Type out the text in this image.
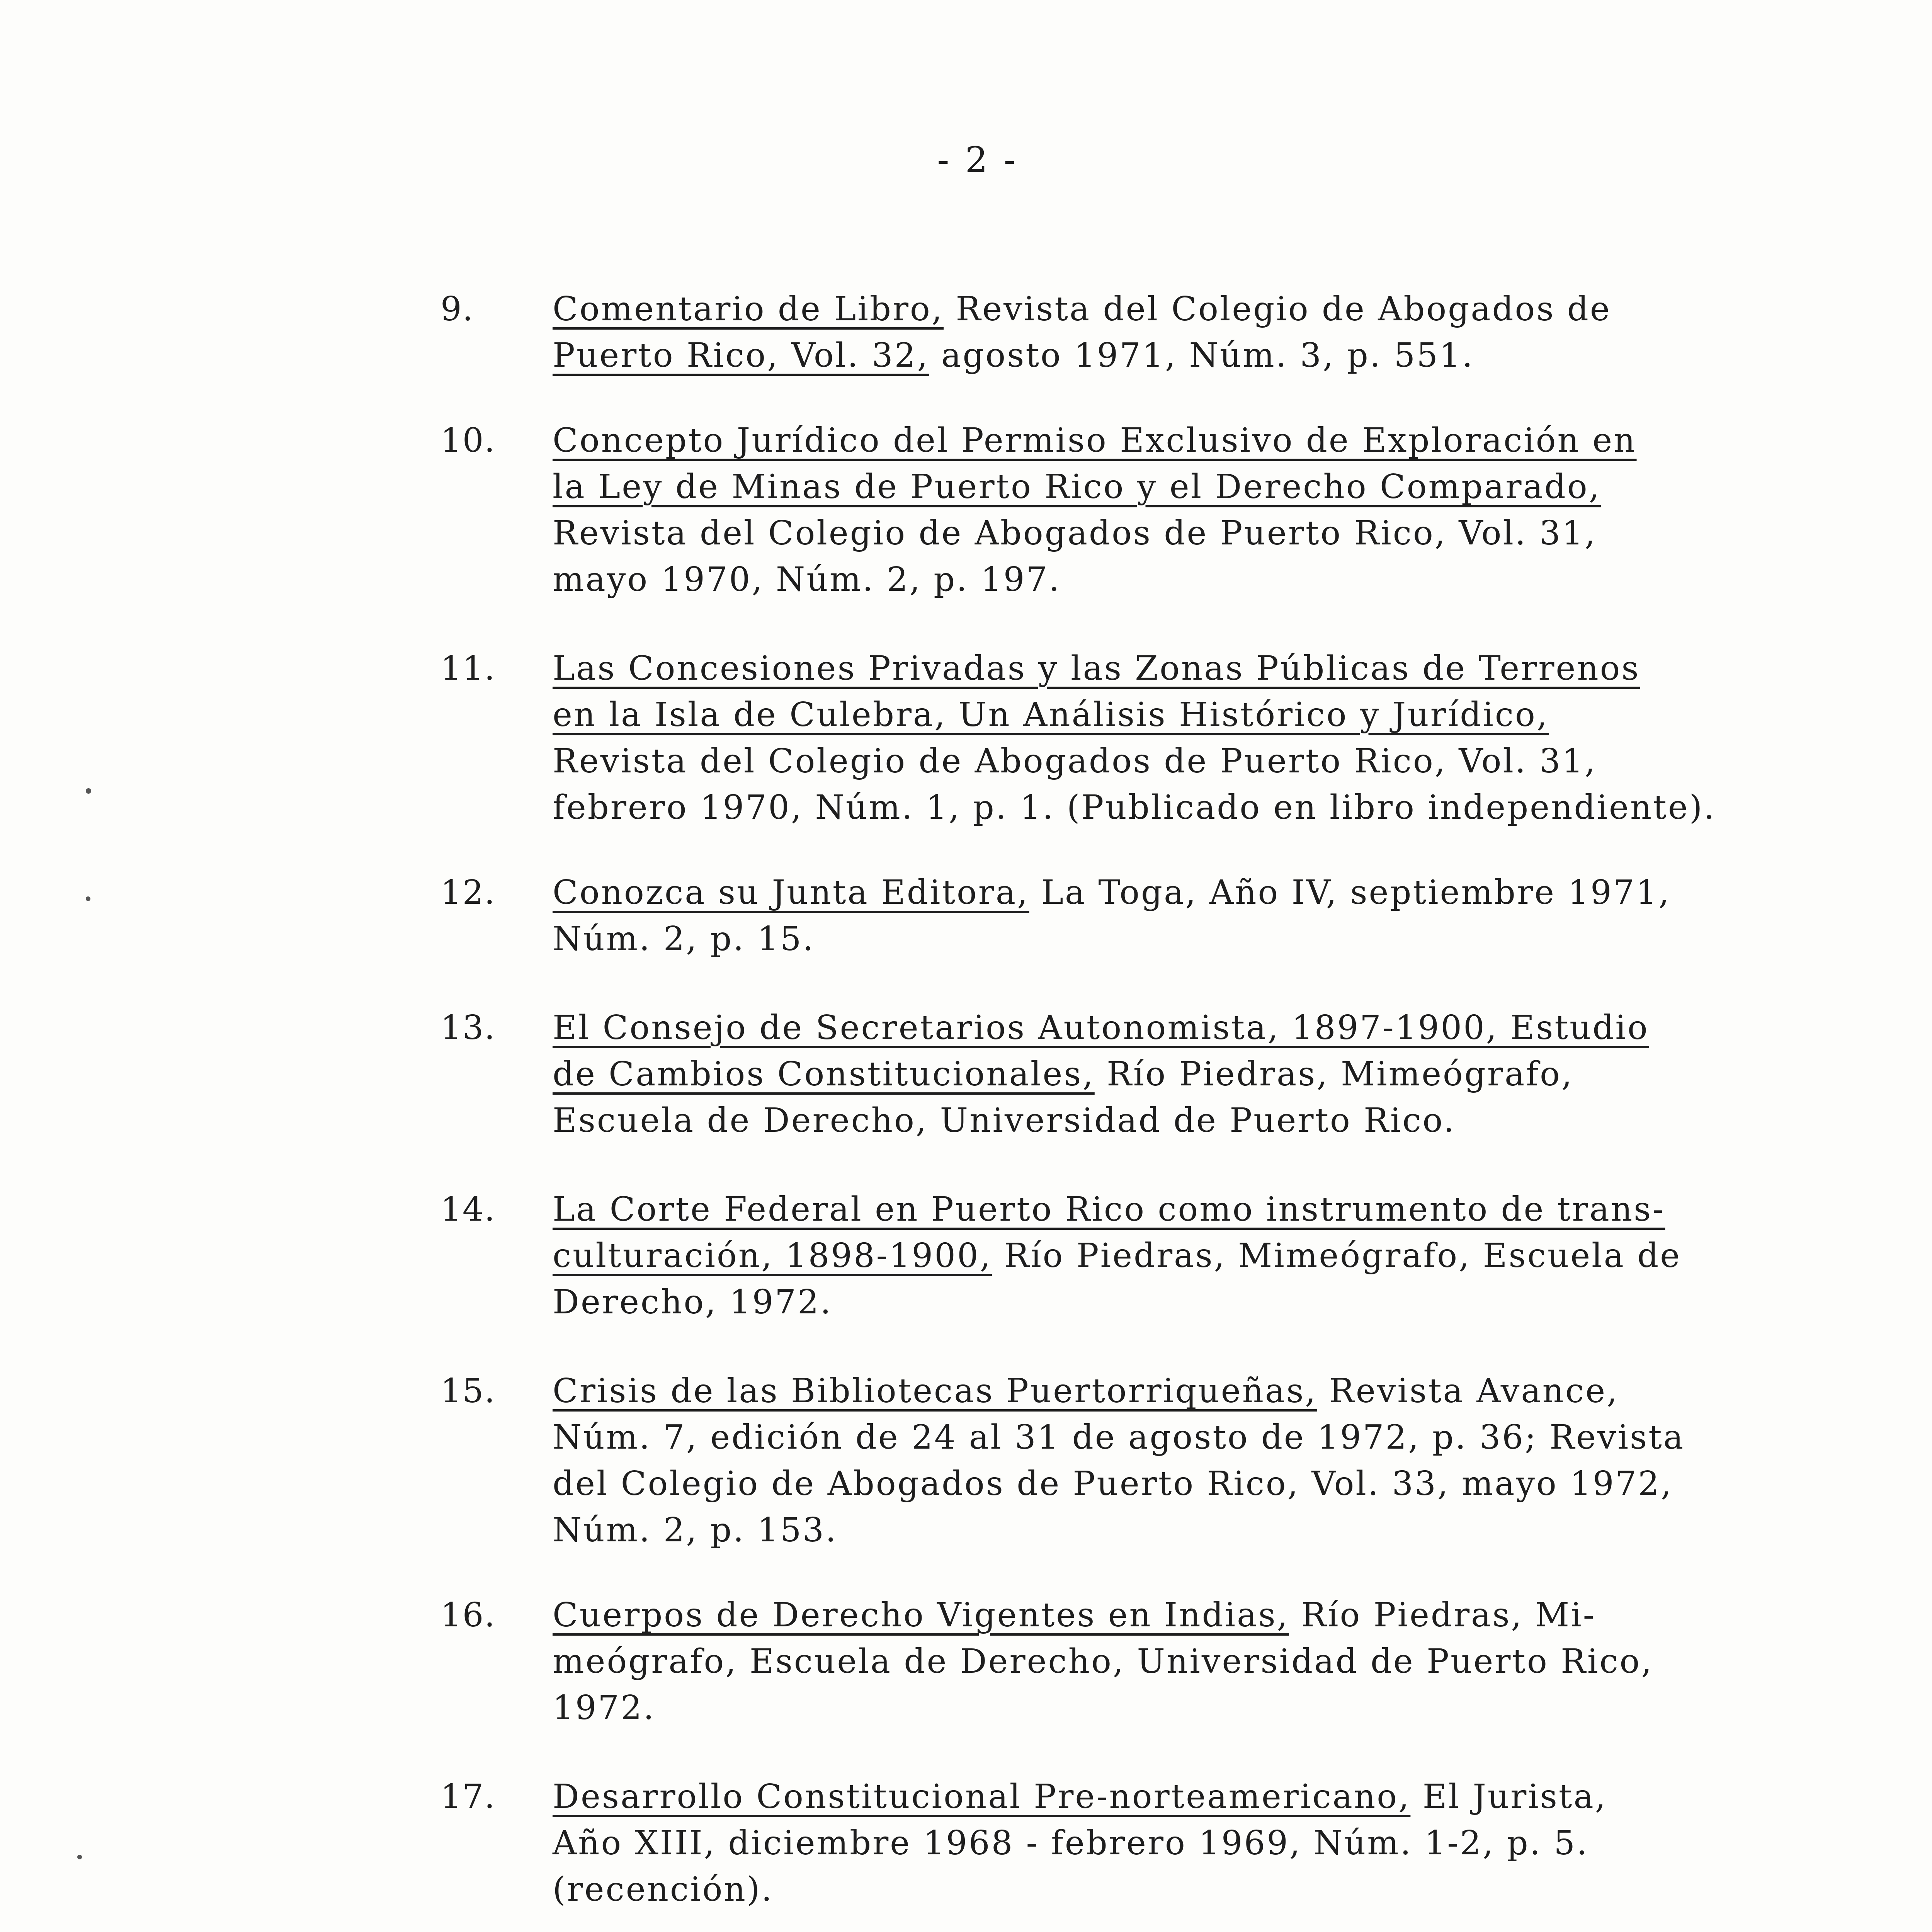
- 2 -
9.	Comentario de Libro, Revista del Colegio de Abogados de
Puerto Rico, Vol. 32, agosto 1971, Núm. 3, p. 551.
10.	Concepto Jurídico del Permiso Exclusivo de Exploración en
la Ley de Minas de Puerto Rico y el Derecho Comparado,
Revista del Colegio de Abogados de Puerto Rico, Vol. 31,
mayo 1970, Núm. 2, p. 197.
11.	Las Concesiones Privadas y las Zonas Públicas de Terrenos
en la Isla de Culebra, Un Análisis Histórico y Jurídico,
Revista del Colegio de Abogados de Puerto Rico, Vol. 31,
febrero 1970, Núm. 1, p. 1. (Publicado en libro independiente).
12.	Conozca su Junta Editora, La Toga, Año IV, septiembre 1971,
Núm. 2, p. 15.
13.	El Consejo de Secretarios Autonomista, 1897-1900, Estudio
de Cambios Constitucionales, Río Piedras, Mimeógrafo,
Escuela de Derecho, Universidad de Puerto Rico.
14.	La Corte Federal en Puerto Rico como instrumento de trans-
culturación, 1898-1900, Río Piedras, Mimeógrafo, Escuela de
Derecho, 1972.
15.	Crisis de las Bibliotecas Puertorriqueñas, Revista Avance,
Núm. 7, edición de 24 al 31 de agosto de 1972, p. 36; Revista
del Colegio de Abogados de Puerto Rico, Vol. 33, mayo 1972,
Núm. 2, p. 153.
16.	Cuerpos de Derecho Vigentes en Indias, Río Piedras, Mi-
meógrafo, Escuela de Derecho, Universidad de Puerto Rico,
1972.
17.	Desarrollo Constitucional Pre-norteamericano, El Jurista,
Año XIII, diciembre 1968 - febrero 1969, Núm. 1-2, p. 5.
(recención).
